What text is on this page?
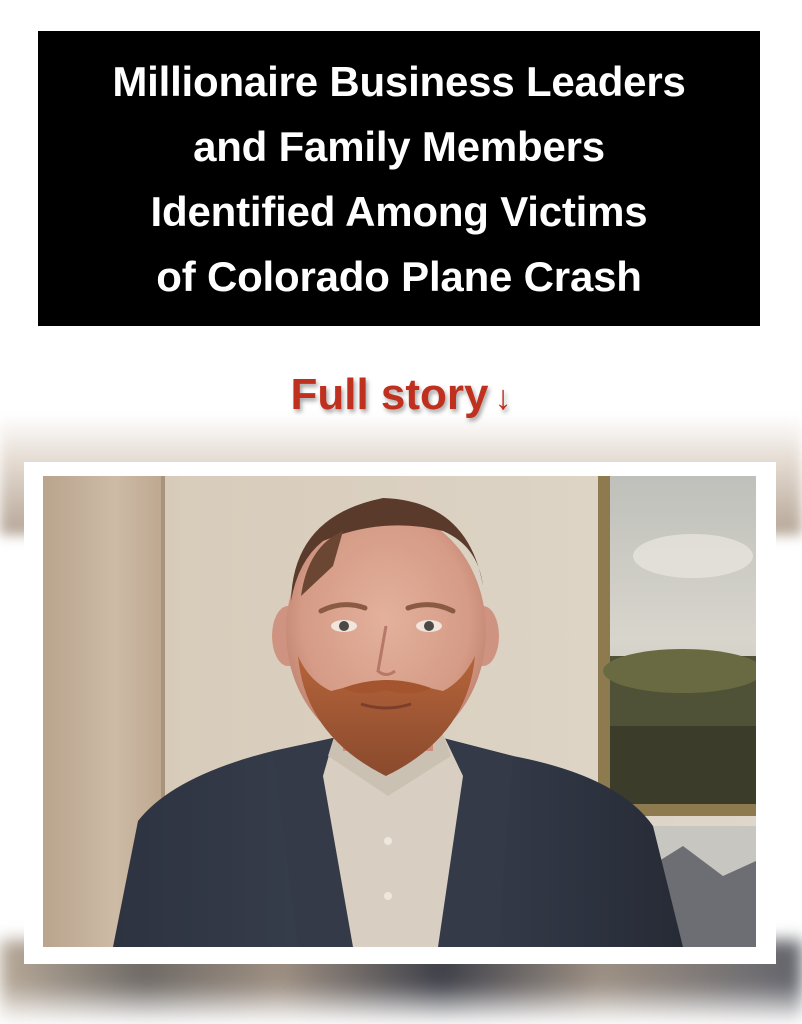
Millionaire Business Leaders
and Family Members
Identified Among Victims
of Colorado Plane Crash
Full story ↓
